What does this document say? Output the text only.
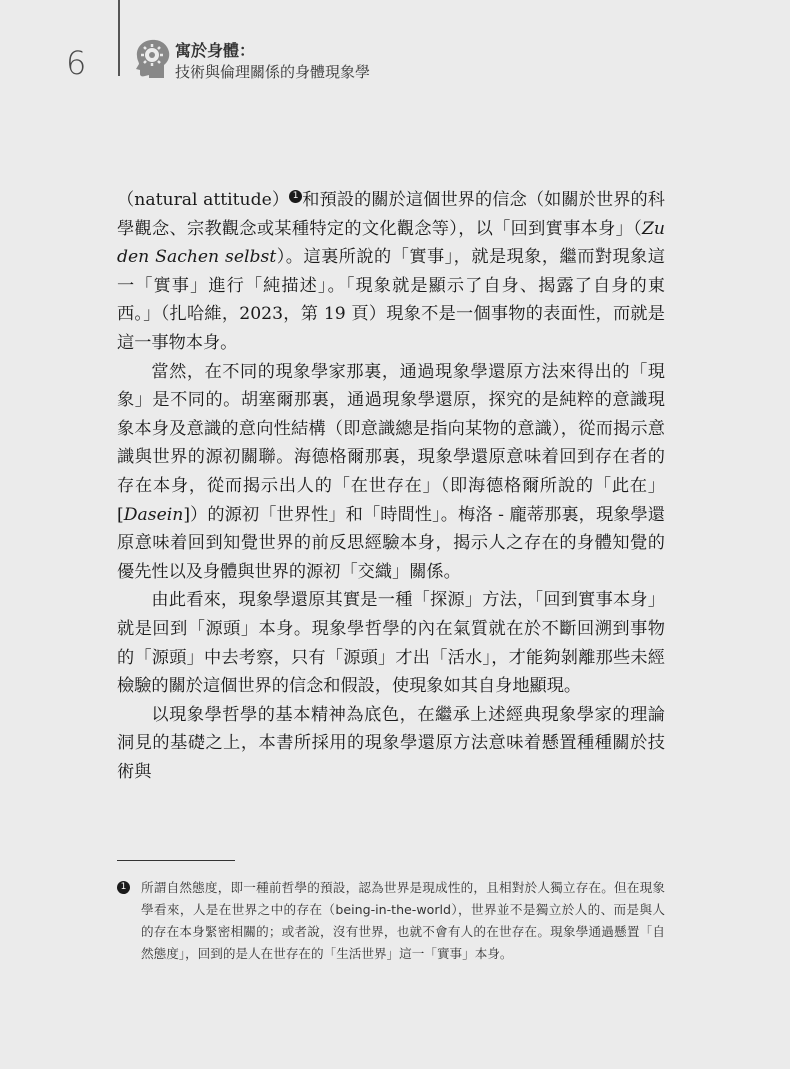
6	寓於身體：
技術與倫理關係的身體現象學

（natural attitude） 1 和預設的關於這個世界的信念（如關於世界的科學觀念、宗教觀念或某種特定的文化觀念等），以「回到實事本身」（Zu den Sachen selbst）。這裏所說的「實事」，就是現象，繼而對現象這一「實事」進行「純描述」。「現象就是顯示了自身、揭露了自身的東西。」（扎哈維，2023，第 19 頁）現象不是一個事物的表面性，而就是這一事物本身。

當然，在不同的現象學家那裏，通過現象學還原方法來得出的「現象」是不同的。胡塞爾那裏，通過現象學還原，探究的是純粹的意識現象本身及意識的意向性結構（即意識總是指向某物的意識），從而揭示意識與世界的源初關聯。海德格爾那裏，現象學還原意味着回到存在者的存在本身，從而揭示出人的「在世存在」（即海德格爾所說的「此在」[Dasein]）的源初「世界性」和「時間性」。梅洛 - 龐蒂那裏，現象學還原意味着回到知覺世界的前反思經驗本身，揭示人之存在的身體知覺的優先性以及身體與世界的源初「交織」關係。

由此看來，現象學還原其實是一種「探源」方法，「回到實事本身」就是回到「源頭」本身。現象學哲學的內在氣質就在於不斷回溯到事物的「源頭」中去考察，只有「源頭」才出「活水」，才能夠剝離那些未經檢驗的關於這個世界的信念和假設，使現象如其自身地顯現。

以現象學哲學的基本精神為底色，在繼承上述經典現象學家的理論洞見的基礎之上，本書所採用的現象學還原方法意味着懸置種種關於技術與

1 所謂自然態度，即一種前哲學的預設，認為世界是現成性的，且相對於人獨立存在。但在現象學看來，人是在世界之中的存在（being-in-the-world），世界並不是獨立於人的、而是與人的存在本身緊密相關的；或者說，沒有世界，也就不會有人的在世存在。現象學通過懸置「自然態度」，回到的是人在世存在的「生活世界」這一「實事」本身。
